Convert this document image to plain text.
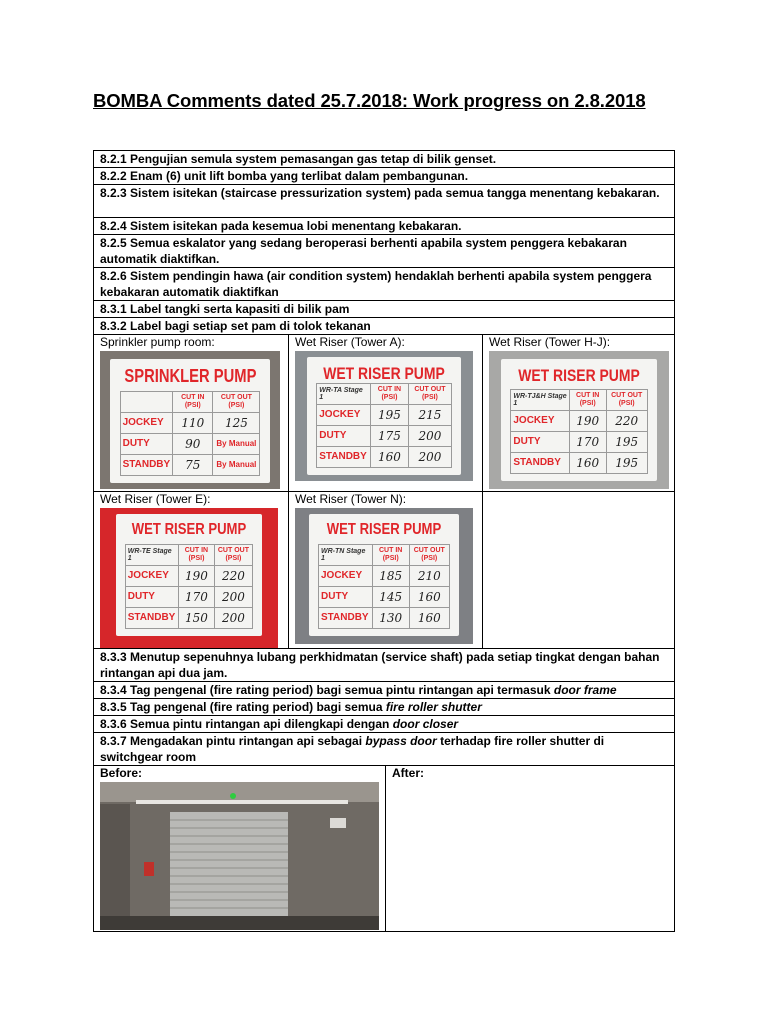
BOMBA Comments dated 25.7.2018: Work progress on 2.8.2018
8.2.1 Pengujian semula system pemasangan gas tetap di bilik genset.
8.2.2 Enam (6) unit lift bomba yang terlibat dalam pembangunan.
8.2.3 Sistem isitekan (staircase pressurization system) pada semua tangga menentang kebakaran.
8.2.4 Sistem isitekan pada kesemua lobi menentang kebakaran.
8.2.5 Semua eskalator yang sedang beroperasi berhenti apabila system penggera kebakaran automatik diaktifkan.
8.2.6 Sistem pendingin hawa (air condition system) hendaklah berhenti apabila system penggera kebakaran automatik diaktifkan
8.3.1 Label tangki serta kapasiti di bilik pam
8.3.2 Label bagi setiap set pam di tolok tekanan
Sprinkler pump room:
SPRINKLER PUMP
	CUT IN (PSI)	CUT OUT (PSI)
JOCKEY	110	125
DUTY	90	By Manual
STANDBY	75	By Manual
Wet Riser (Tower A):
WET RISER PUMP
WR-TA Stage 1	CUT IN (PSI)	CUT OUT (PSI)
JOCKEY	195	215
DUTY	175	200
STANDBY	160	200
Wet Riser (Tower H-J):
WET RISER PUMP
WR-TJ&H Stage 1	CUT IN (PSI)	CUT OUT (PSI)
JOCKEY	190	220
DUTY	170	195
STANDBY	160	195
Wet Riser (Tower E):
WET RISER PUMP
WR-TE Stage 1	CUT IN (PSI)	CUT OUT (PSI)
JOCKEY	190	220
DUTY	170	200
STANDBY	150	200
Wet Riser (Tower N):
WET RISER PUMP
WR-TN Stage 1	CUT IN (PSI)	CUT OUT (PSI)
JOCKEY	185	210
DUTY	145	160
STANDBY	130	160
8.3.3 Menutup sepenuhnya lubang perkhidmatan (service shaft) pada setiap tingkat dengan bahan rintangan api dua jam.
8.3.4 Tag pengenal (fire rating period) bagi semua pintu rintangan api termasuk door frame
8.3.5 Tag pengenal (fire rating period) bagi semua fire roller shutter
8.3.6 Semua pintu rintangan api dilengkapi dengan door closer
8.3.7 Mengadakan pintu rintangan api sebagai bypass door terhadap fire roller shutter di switchgear room
Before:	After:
